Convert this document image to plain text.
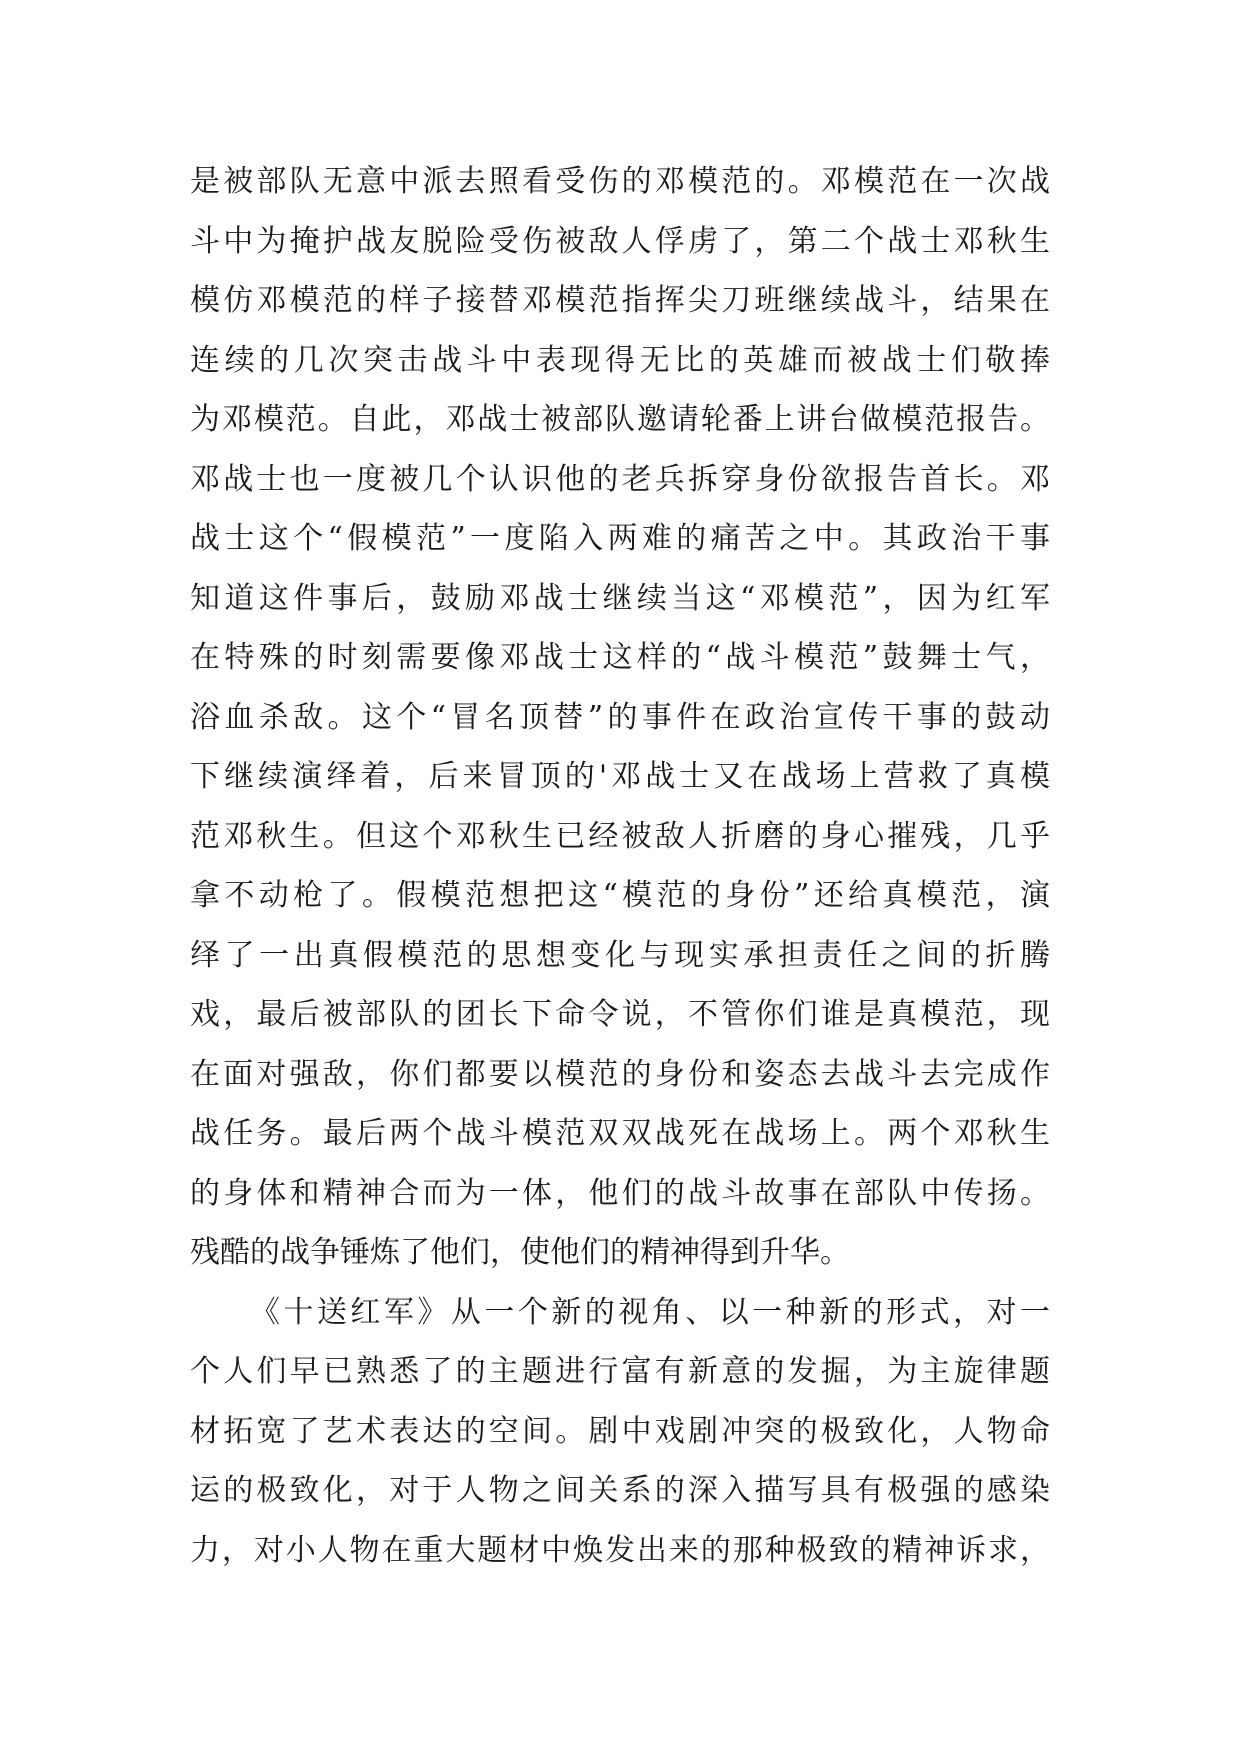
是被部队无意中派去照看受伤的邓模范的。邓模范在一次战
斗中为掩护战友脱险受伤被敌人俘虏了，第二个战士邓秋生
模仿邓模范的样子接替邓模范指挥尖刀班继续战斗，结果在
连续的几次突击战斗中表现得无比的英雄而被战士们敬捧
为邓模范。自此，邓战士被部队邀请轮番上讲台做模范报告。
邓战士也一度被几个认识他的老兵拆穿身份欲报告首长。邓
战士这个“假模范”一度陷入两难的痛苦之中。其政治干事
知道这件事后，鼓励邓战士继续当这“邓模范”，因为红军
在特殊的时刻需要像邓战士这样的“战斗模范”鼓舞士气，
浴血杀敌。这个“冒名顶替”的事件在政治宣传干事的鼓动
下继续演绎着，后来冒顶的'邓战士又在战场上营救了真模
范邓秋生。但这个邓秋生已经被敌人折磨的身心摧残，几乎
拿不动枪了。假模范想把这“模范的身份”还给真模范，演
绎了一出真假模范的思想变化与现实承担责任之间的折腾
戏，最后被部队的团长下命令说，不管你们谁是真模范，现
在面对强敌，你们都要以模范的身份和姿态去战斗去完成作
战任务。最后两个战斗模范双双战死在战场上。两个邓秋生
的身体和精神合而为一体，他们的战斗故事在部队中传扬。
残酷的战争锤炼了他们，使他们的精神得到升华。
《十送红军》从一个新的视角、以一种新的形式，对一
个人们早已熟悉了的主题进行富有新意的发掘，为主旋律题
材拓宽了艺术表达的空间。剧中戏剧冲突的极致化，人物命
运的极致化，对于人物之间关系的深入描写具有极强的感染
力，对小人物在重大题材中焕发出来的那种极致的精神诉求，
